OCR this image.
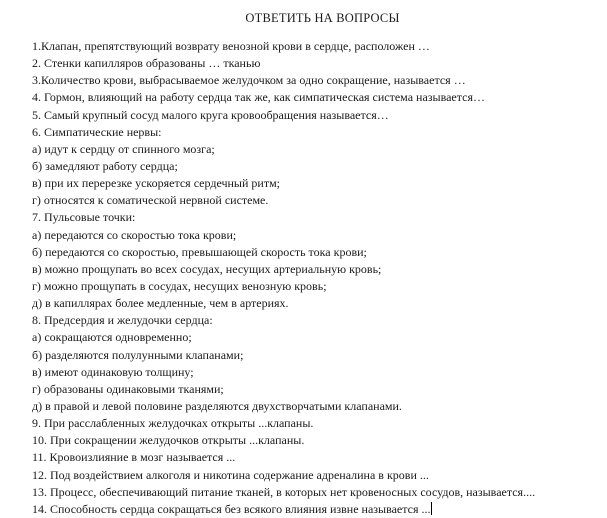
ОТВЕТИТЬ НА ВОПРОСЫ
1.Клапан, препятствующий возврату венозной крови в сердце, расположен …
2. Стенки капилляров образованы … тканью
3.Количество крови, выбрасываемое желудочком за одно сокращение, называется …
4. Гормон, влияющий на работу сердца так же, как симпатическая система называется…
5. Самый крупный сосуд малого круга кровообращения называется…
6. Симпатические нервы:
а) идут к сердцу от спинного мозга;
б) замедляют работу сердца;
в) при их перерезке ускоряется сердечный ритм;
г) относятся к соматической нервной системе.
7. Пульсовые точки:
а) передаются со скоростью тока крови;
б) передаются со скоростью, превышающей скорость тока крови;
в) можно прощупать во всех сосудах, несущих артериальную кровь;
г) можно прощупать в сосудах, несущих венозную кровь;
д) в капиллярах более медленные, чем в артериях.
8. Предсердия и желудочки сердца:
а) сокращаются одновременно;
б) разделяются полулунными клапанами;
в) имеют одинаковую толщину;
г) образованы одинаковыми тканями;
д) в правой и левой половине разделяются двухстворчатыми клапанами.
9. При расслабленных желудочках открыты ...клапаны.
10. При сокращении желудочков открыты ...клапаны.
11. Кровоизлияние в мозг называется ...
12. Под воздействием алкоголя и никотина содержание адреналина в крови ...
13. Процесс, обеспечивающий питание тканей, в которых нет кровеносных сосудов, называется....
14. Способность сердца сокращаться без всякого влияния извне называется ...
